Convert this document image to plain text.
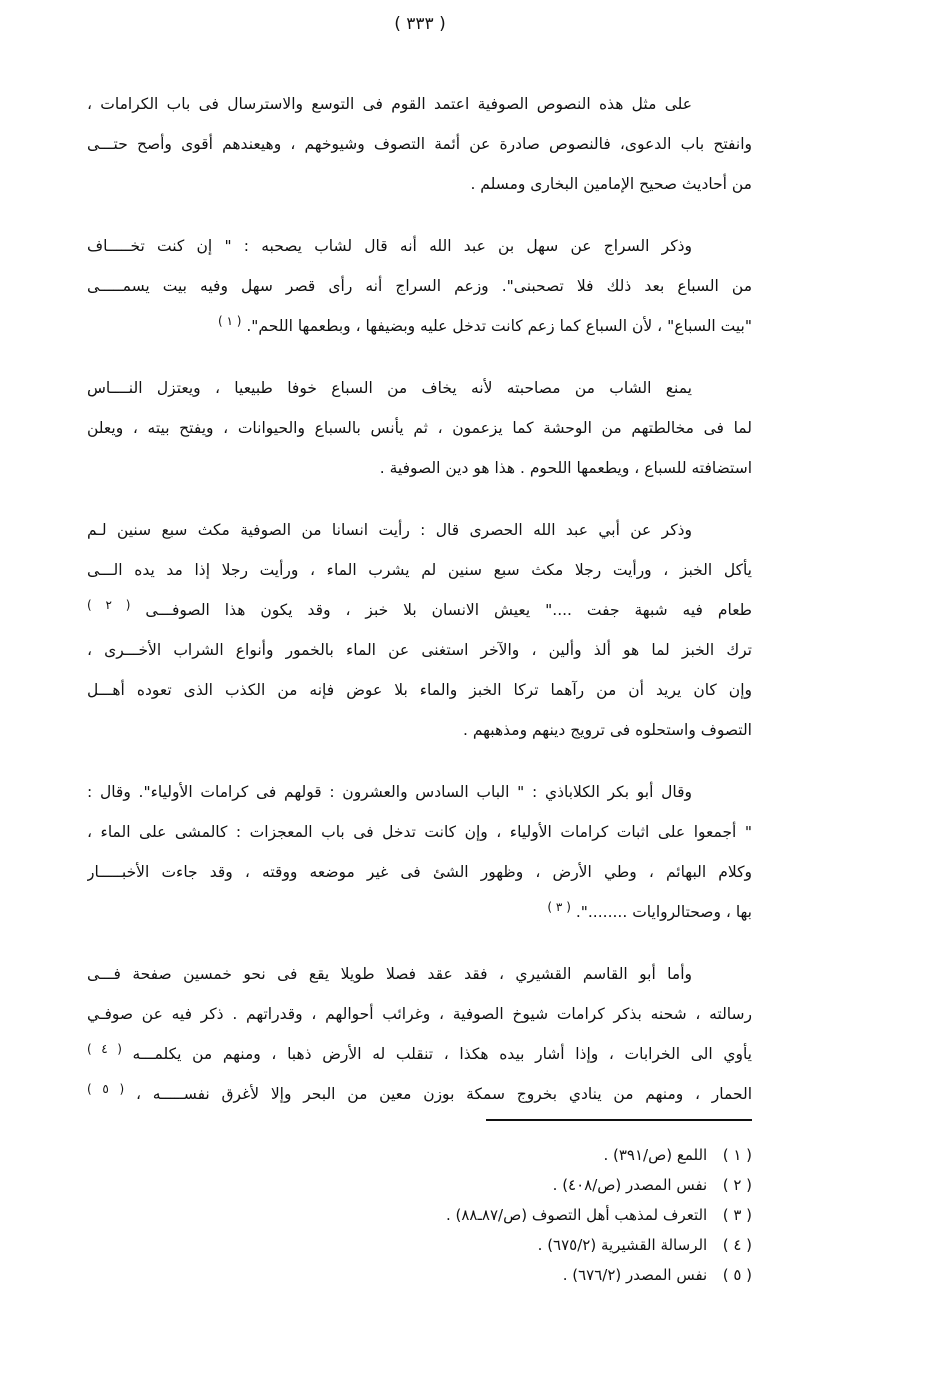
( ٣٣٣ )
على مثل هذه النصوص الصوفية اعتمد القوم فى التوسع والاسترسال فى باب الكرامات ،
وانفتح باب الدعوى، فالنصوص صادرة عن أئمة التصوف وشيوخهم ، وهيعندهم أقوى وأصح حتـــى
من أحاديث صحيح الإمامين البخارى ومسلم .
وذكر السراج عن سهل بن عبد الله أنه قال لشاب يصحبه : " إن كنت تخـــــاف
من السباع بعد ذلك فلا تصحبنى". وزعم السراج أنه رأى قصر سهل وفيه بيت يسمـــــى
"بيت السباع" ، لأن السباع كما زعم كانت تدخل عليه وبضيفها ، وبطعمها اللحم". $^{( ١ )}$
يمنع الشاب من مصاحبته لأنه يخاف من السباع خوفا طبيعيا ، ويعتزل النــــاس
لما فى مخالطتهم من الوحشة كما يزعمون ، ثم يأنس بالسباع والحيوانات ، ويفتح بيته ، ويعلن
استضافته للسباع ، ويطعمها اللحوم . هذا هو دين الصوفية .
وذكر عن أبي عبد الله الحصرى قال : رأيت انسانا من الصوفية مكث سبع سنين لـم
يأكل الخبز ، ورأيت رجلا مكث سبع سنين لم يشرب الماء ، ورأيت رجلا إذا مد يده الـــى
طعام فيه شبهة جفت ...." يعيش الانسان بلا خبز ، وقد يكون هذا الصوفـــى $^{( ٢ )}$
ترك الخبز لما هو ألذ وألين ، والآخر استغنى عن الماء بالخمور وأنواع الشراب الأخـــرى ،
وإن كان يريد أن من رآهما تركا الخبز والماء بلا عوض فإنه من الكذب الذى تعوده أهـــل
التصوف واستحلوه فى ترويج دينهم ومذهبهم .
وقال أبو بكر الكلاباذي : " الباب السادس والعشرون : قولهم فى كرامات الأولياء". وقال :
" أجمعوا على اثبات كرامات الأولياء ، وإن كانت تدخل فى باب المعجزات : كالمشى على الماء ،
وكلام البهائم ، وطي الأرض ، وظهور الشئ فى غير موضعه ووقته ، وقد جاءت الأخبـــــار
بها ، وصحتالروايات ........". $^{( ٣ )}$
وأما أبو القاسم القشيري ، فقد عقد فصلا طويلا يقع فى نحو خمسين صفحة فـــى
رسالته ، شحنه بذكر كرامات شيوخ الصوفية ، وغرائب أحوالهم ، وقدراتهم . ذكر فيه عن صوفـي
يأوي الى الخرابات ، وإذا أشار بيده هكذا ، تنقلب له الأرض ذهبا ، ومنهم من يكلمـــه $^{( ٤ )}$
الحمار ، ومنهم من ينادي بخروج سمكة بوزن معين من البحر وإلا لأغرق نفســـــه ، $^{( ٥ )}$
( ١ ) اللمع (ص/٣٩١) .
( ٢ ) نفس المصدر (ص/٤٠٨) .
( ٣ ) التعرف لمذهب أهل التصوف (ص/٨٧ـ٨٨) .
( ٤ ) الرسالة القشيرية (٦٧٥/٢) .
( ٥ ) نفس المصدر (٦٧٦/٢) .
